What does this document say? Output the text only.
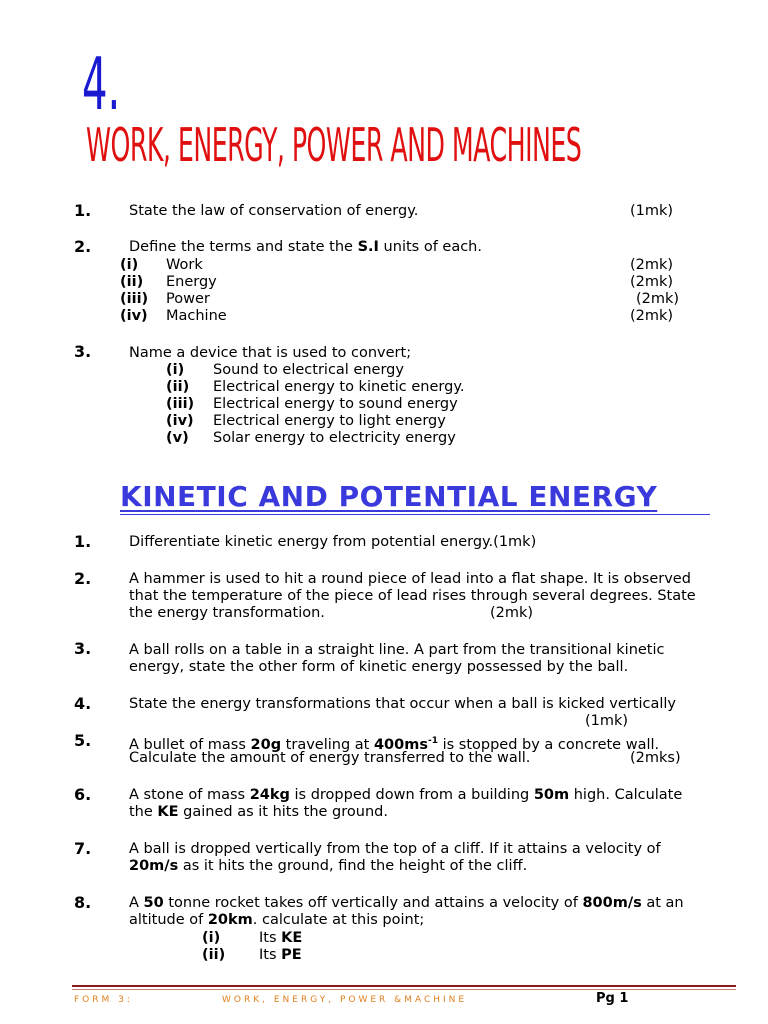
4.
WORK, ENERGY, POWER AND MACHINES
1.	State the law of conservation of energy.	(1mk)
2.	Define the terms and state the S.I units of each.
(i) Work	(2mk)
(ii) Energy	(2mk)
(iii) Power	(2mk)
(iv) Machine	(2mk)
3.	Name a device that is used to convert;
(i) Sound to electrical energy
(ii) Electrical energy to kinetic energy.
(iii) Electrical energy to sound energy
(iv) Electrical energy to light energy
(v) Solar energy to electricity energy
KINETIC AND POTENTIAL ENERGY
1.	Differentiate kinetic energy from potential energy.(1mk)
2.	A hammer is used to hit a round piece of lead into a flat shape. It is observed
that the temperature of the piece of lead rises through several degrees. State
the energy transformation.	(2mk)
3.	A ball rolls on a table in a straight line. A part from the transitional kinetic
energy, state the other form of kinetic energy possessed by the ball.
4.	State the energy transformations that occur when a ball is kicked vertically
(1mk)
5.	A bullet of mass 20g traveling at $400ms^{-1}$ is stopped by a concrete wall.
Calculate the amount of energy transferred to the wall.	(2mks)
6.	A stone of mass 24kg is dropped down from a building 50m high. Calculate
the KE gained as it hits the ground.
7.	A ball is dropped vertically from the top of a cliff. If it attains a velocity of
20m/s as it hits the ground, find the height of the cliff.
8.	A 50 tonne rocket takes off vertically and attains a velocity of 800m/s at an
altitude of 20km. calculate at this point;
(i)	Its KE
(ii) Its PE
FORM 3:	WORK, ENERGY, POWER &MACHINE	Pg 1
